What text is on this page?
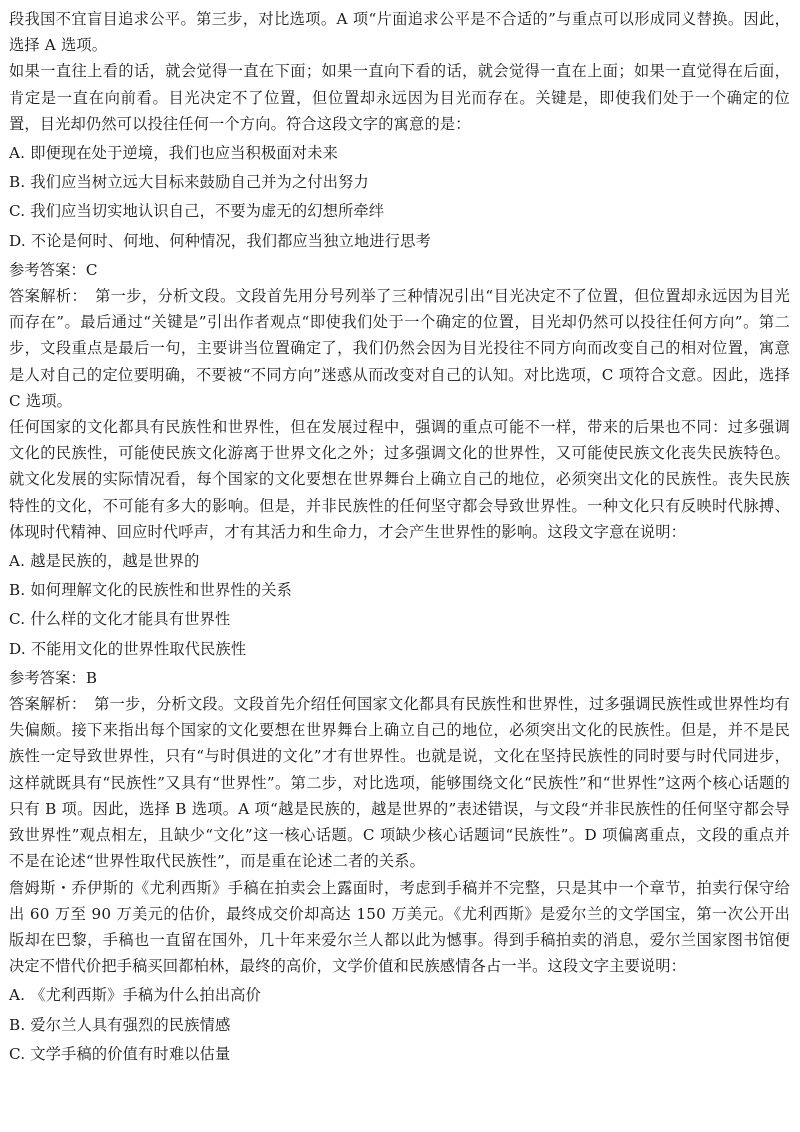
段我国不宜盲目追求公平。第三步，对比选项。A 项“片面追求公平是不合适的”与重点可以形成同义替换。因此，选择 A 选项。

如果一直往上看的话，就会觉得一直在下面；如果一直向下看的话，就会觉得一直在上面；如果一直觉得在后面，肯定是一直在向前看。目光决定不了位置，但位置却永远因为目光而存在。关键是，即使我们处于一个确定的位置，目光却仍然可以投往任何一个方向。符合这段文字的寓意的是：

A. 即便现在处于逆境，我们也应当积极面对未来

B. 我们应当树立远大目标来鼓励自己并为之付出努力

C. 我们应当切实地认识自己，不要为虚无的幻想所牵绊

D. 不论是何时、何地、何种情况，我们都应当独立地进行思考

参考答案：C

答案解析：　第一步，分析文段。文段首先用分号列举了三种情况引出“目光决定不了位置，但位置却永远因为目光而存在”。最后通过“关键是”引出作者观点“即使我们处于一个确定的位置，目光却仍然可以投往任何方向”。第二步，文段重点是最后一句，主要讲当位置确定了，我们仍然会因为目光投往不同方向而改变自己的相对位置，寓意是人对自己的定位要明确，不要被“不同方向”迷惑从而改变对自己的认知。对比选项，C 项符合文意。因此，选择 C 选项。

任何国家的文化都具有民族性和世界性，但在发展过程中，强调的重点可能不一样，带来的后果也不同：过多强调文化的民族性，可能使民族文化游离于世界文化之外；过多强调文化的世界性，又可能使民族文化丧失民族特色。就文化发展的实际情况看，每个国家的文化要想在世界舞台上确立自己的地位，必须突出文化的民族性。丧失民族特性的文化，不可能有多大的影响。但是，并非民族性的任何坚守都会导致世界性。一种文化只有反映时代脉搏、体现时代精神、回应时代呼声，才有其活力和生命力，才会产生世界性的影响。这段文字意在说明：

A. 越是民族的，越是世界的

B. 如何理解文化的民族性和世界性的关系

C. 什么样的文化才能具有世界性

D. 不能用文化的世界性取代民族性

参考答案：B

答案解析：　第一步，分析文段。文段首先介绍任何国家文化都具有民族性和世界性，过多强调民族性或世界性均有失偏颇。接下来指出每个国家的文化要想在世界舞台上确立自己的地位，必须突出文化的民族性。但是，并不是民族性一定导致世界性，只有“与时俱进的文化”才有世界性。也就是说，文化在坚持民族性的同时要与时代同进步，这样就既具有“民族性”又具有“世界性”。第二步，对比选项，能够围绕文化“民族性”和“世界性”这两个核心话题的只有 B 项。因此，选择 B 选项。A 项“越是民族的，越是世界的”表述错误，与文段“并非民族性的任何坚守都会导致世界性”观点相左，且缺少“文化”这一核心话题。C 项缺少核心话题词“民族性”。D 项偏离重点，文段的重点并不是在论述“世界性取代民族性”，而是重在论述二者的关系。

詹姆斯・乔伊斯的《尤利西斯》手稿在拍卖会上露面时，考虑到手稿并不完整，只是其中一个章节，拍卖行保守给出 60 万至 90 万美元的估价，最终成交价却高达 150 万美元。《尤利西斯》是爱尔兰的文学国宝，第一次公开出版却在巴黎，手稿也一直留在国外，几十年来爱尔兰人都以此为憾事。得到手稿拍卖的消息，爱尔兰国家图书馆便决定不惜代价把手稿买回都柏林，最终的高价，文学价值和民族感情各占一半。这段文字主要说明：

A. 《尤利西斯》手稿为什么拍出高价

B. 爱尔兰人具有强烈的民族情感

C. 文学手稿的价值有时难以估量
